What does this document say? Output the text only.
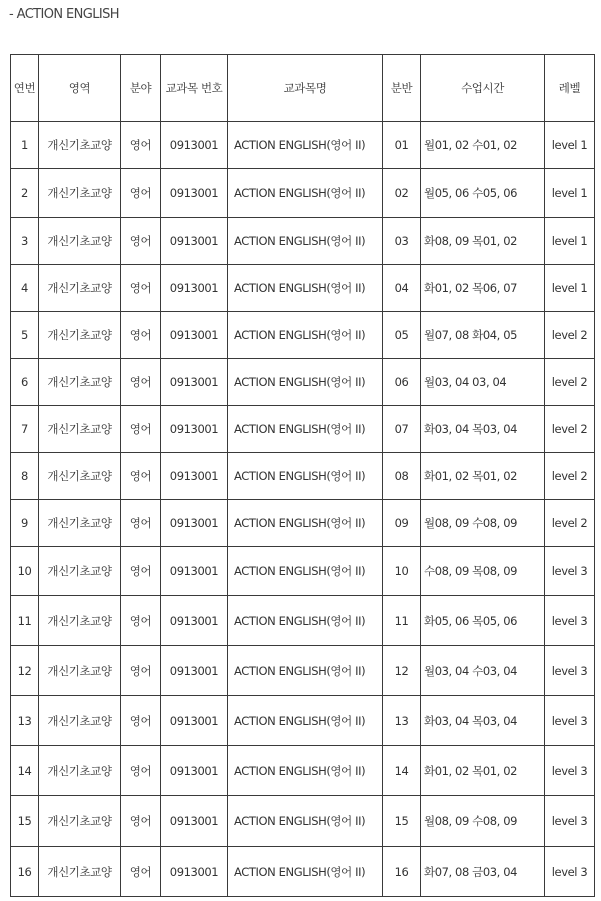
- ACTION ENGLISH
연번	영역	분야	교과목 번호	교과목명	분반	수업시간	레벨
1	개신기초교양	영어	0913001	ACTION ENGLISH(영어 II)	01	월01, 02 수01, 02	level 1
2	개신기초교양	영어	0913001	ACTION ENGLISH(영어 II)	02	월05, 06 수05, 06	level 1
3	개신기초교양	영어	0913001	ACTION ENGLISH(영어 II)	03	화08, 09 목01, 02	level 1
4	개신기초교양	영어	0913001	ACTION ENGLISH(영어 II)	04	화01, 02 목06, 07	level 1
5	개신기초교양	영어	0913001	ACTION ENGLISH(영어 II)	05	월07, 08 화04, 05	level 2
6	개신기초교양	영어	0913001	ACTION ENGLISH(영어 II)	06	월03, 04 03, 04	level 2
7	개신기초교양	영어	0913001	ACTION ENGLISH(영어 II)	07	화03, 04 목03, 04	level 2
8	개신기초교양	영어	0913001	ACTION ENGLISH(영어 II)	08	화01, 02 목01, 02	level 2
9	개신기초교양	영어	0913001	ACTION ENGLISH(영어 II)	09	월08, 09 수08, 09	level 2
10	개신기초교양	영어	0913001	ACTION ENGLISH(영어 II)	10	수08, 09 목08, 09	level 3
11	개신기초교양	영어	0913001	ACTION ENGLISH(영어 II)	11	화05, 06 목05, 06	level 3
12	개신기초교양	영어	0913001	ACTION ENGLISH(영어 II)	12	월03, 04 수03, 04	level 3
13	개신기초교양	영어	0913001	ACTION ENGLISH(영어 II)	13	화03, 04 목03, 04	level 3
14	개신기초교양	영어	0913001	ACTION ENGLISH(영어 II)	14	화01, 02 목01, 02	level 3
15	개신기초교양	영어	0913001	ACTION ENGLISH(영어 II)	15	월08, 09 수08, 09	level 3
16	개신기초교양	영어	0913001	ACTION ENGLISH(영어 II)	16	화07, 08 금03, 04	level 3
